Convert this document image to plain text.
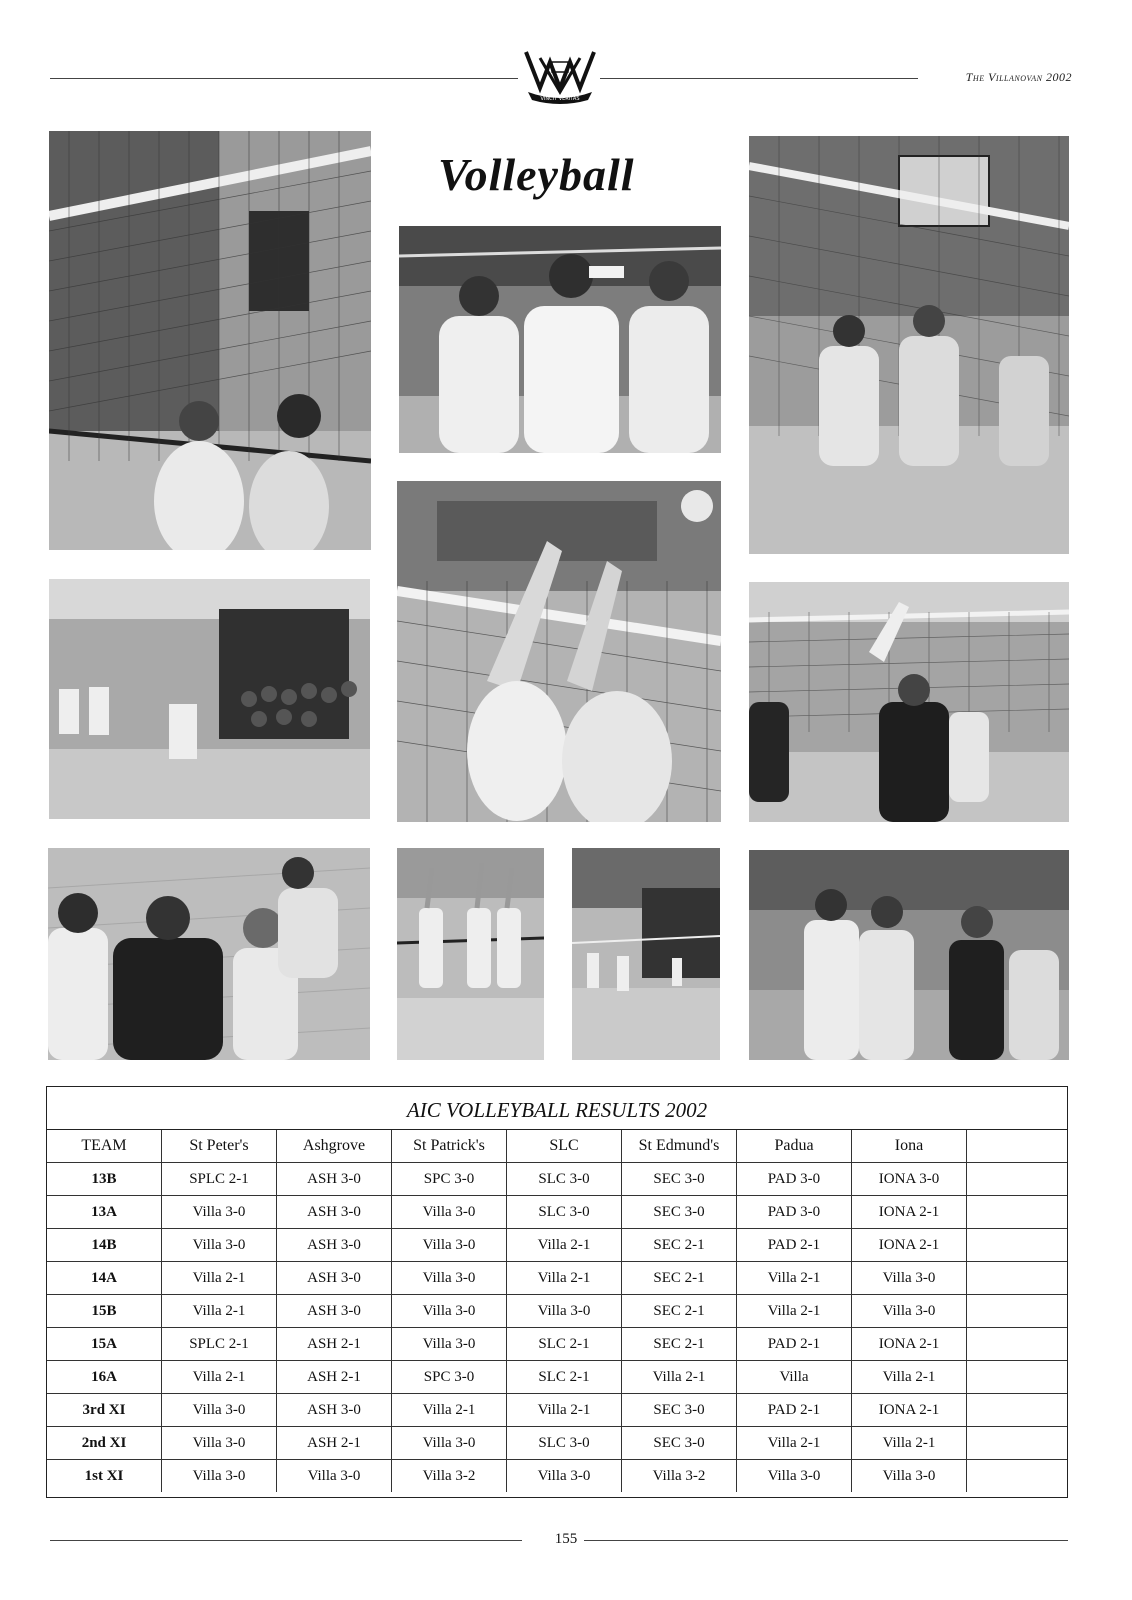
The Villanovan 2002
VINCIT VERITAS
Volleyball
AIC VOLLEYBALL RESULTS 2002
TEAM	St Peter's	Ashgrove	St Patrick's	SLC	St Edmund's	Padua	Iona	
13B	SPLC 2-1	ASH 3-0	SPC 3-0	SLC 3-0	SEC 3-0	PAD 3-0	IONA 3-0	
13A	Villa 3-0	ASH 3-0	Villa 3-0	SLC 3-0	SEC 3-0	PAD 3-0	IONA 2-1	
14B	Villa 3-0	ASH 3-0	Villa 3-0	Villa 2-1	SEC 2-1	PAD 2-1	IONA 2-1	
14A	Villa 2-1	ASH 3-0	Villa 3-0	Villa 2-1	SEC 2-1	Villa 2-1	Villa 3-0	
15B	Villa 2-1	ASH 3-0	Villa 3-0	Villa 3-0	SEC 2-1	Villa 2-1	Villa 3-0	
15A	SPLC 2-1	ASH 2-1	Villa 3-0	SLC 2-1	SEC 2-1	PAD 2-1	IONA 2-1	
16A	Villa 2-1	ASH 2-1	SPC 3-0	SLC 2-1	Villa 2-1	Villa	Villa 2-1	
3rd XI	Villa 3-0	ASH 3-0	Villa 2-1	Villa 2-1	SEC 3-0	PAD 2-1	IONA 2-1	
2nd XI	Villa 3-0	ASH 2-1	Villa 3-0	SLC 3-0	SEC 3-0	Villa 2-1	Villa 2-1	
1st XI	Villa 3-0	Villa 3-0	Villa 3-2	Villa 3-0	Villa 3-2	Villa 3-0	Villa 3-0	
155
